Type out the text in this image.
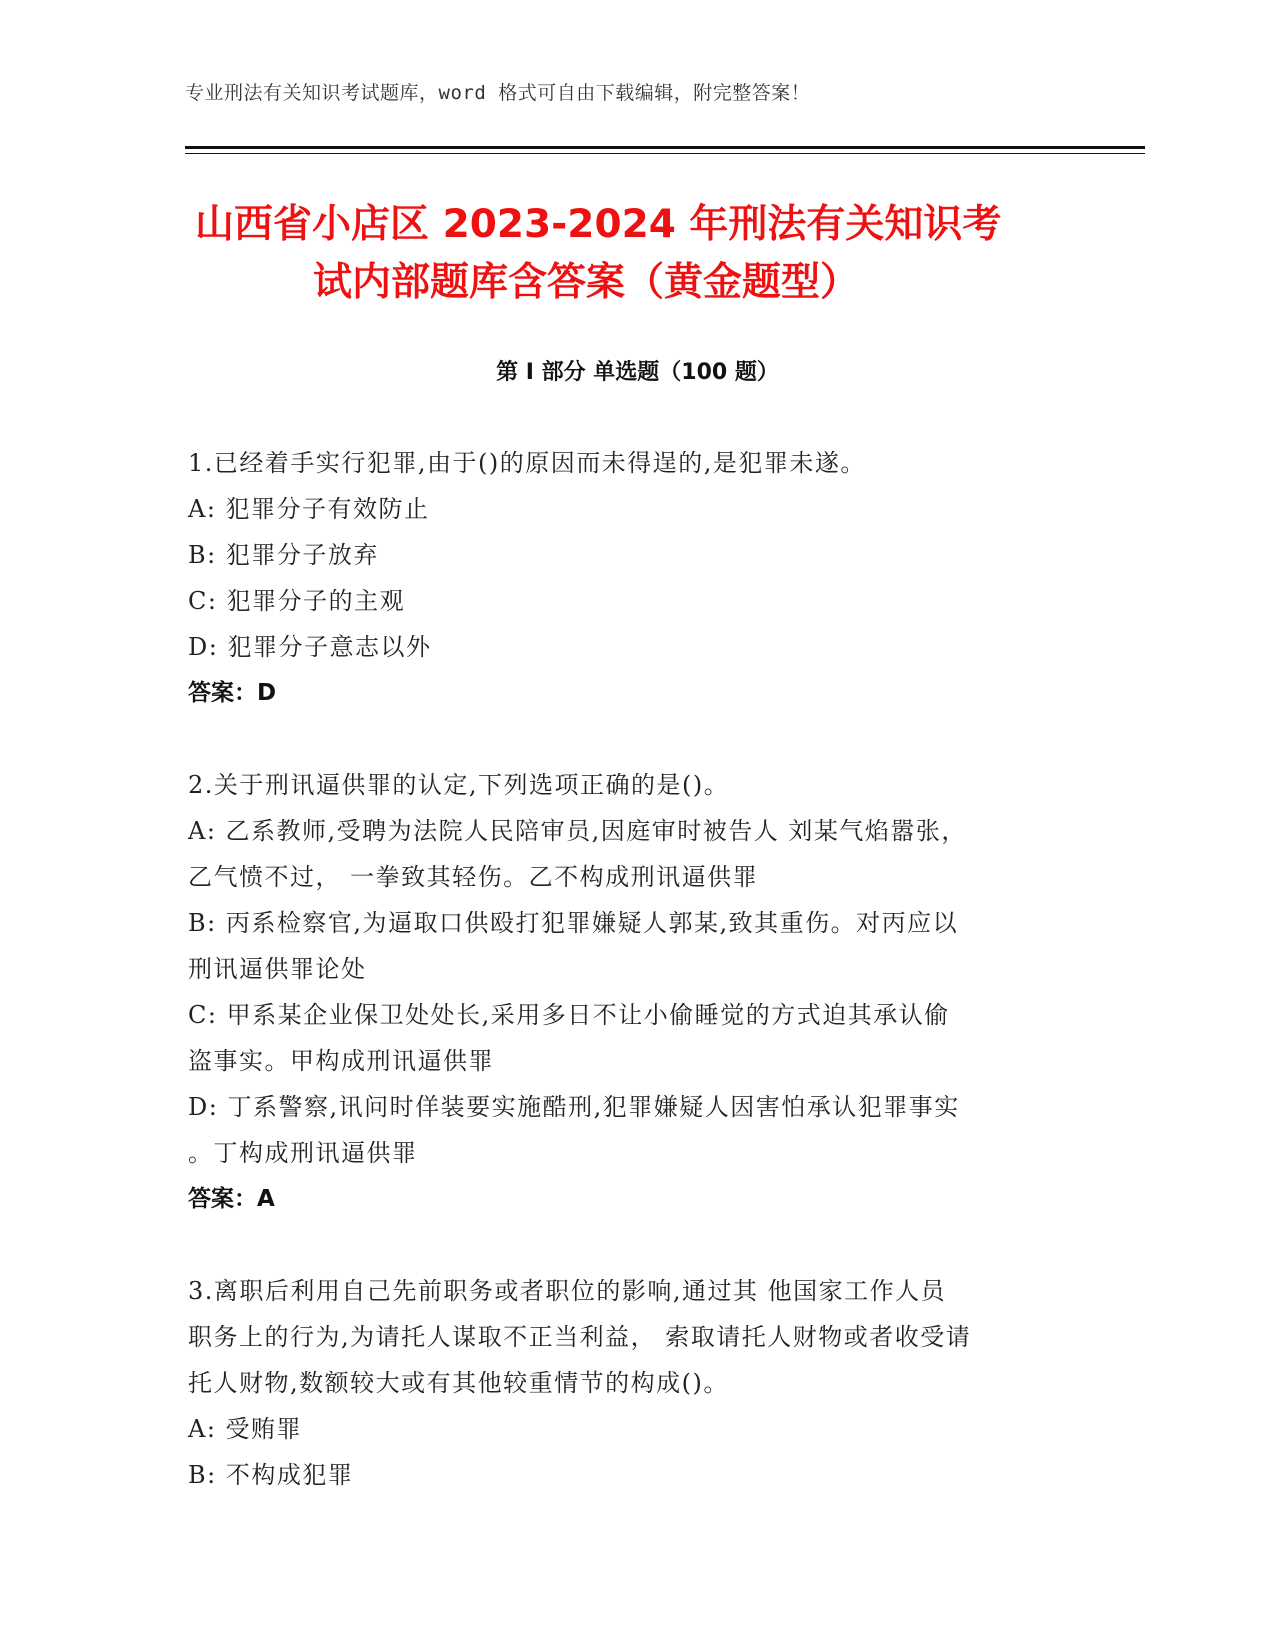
专业刑法有关知识考试题库，word 格式可自由下载编辑，附完整答案！
山西省小店区 2023-2024 年刑法有关知识考
试内部题库含答案（黄金题型）
第 I 部分 单选题（100 题）
1.已经着手实行犯罪,由于()的原因而未得逞的,是犯罪未遂。
A: 犯罪分子有效防止
B: 犯罪分子放弃
C: 犯罪分子的主观
D: 犯罪分子意志以外
答案：D
2.关于刑讯逼供罪的认定,下列选项正确的是()。
A: 乙系教师,受聘为法院人民陪审员,因庭审时被告人 刘某气焰嚣张，
乙气愤不过， 一拳致其轻伤。乙不构成刑讯逼供罪
B: 丙系检察官,为逼取口供殴打犯罪嫌疑人郭某,致其重伤。对丙应以
刑讯逼供罪论处
C: 甲系某企业保卫处处长,采用多日不让小偷睡觉的方式迫其承认偷
盗事实。甲构成刑讯逼供罪
D: 丁系警察,讯问时佯装要实施酷刑,犯罪嫌疑人因害怕承认犯罪事实
。丁构成刑讯逼供罪
答案：A
3.离职后利用自己先前职务或者职位的影响,通过其 他国家工作人员
职务上的行为,为请托人谋取不正当利益， 索取请托人财物或者收受请
托人财物,数额较大或有其他较重情节的构成()。
A: 受贿罪
B: 不构成犯罪
